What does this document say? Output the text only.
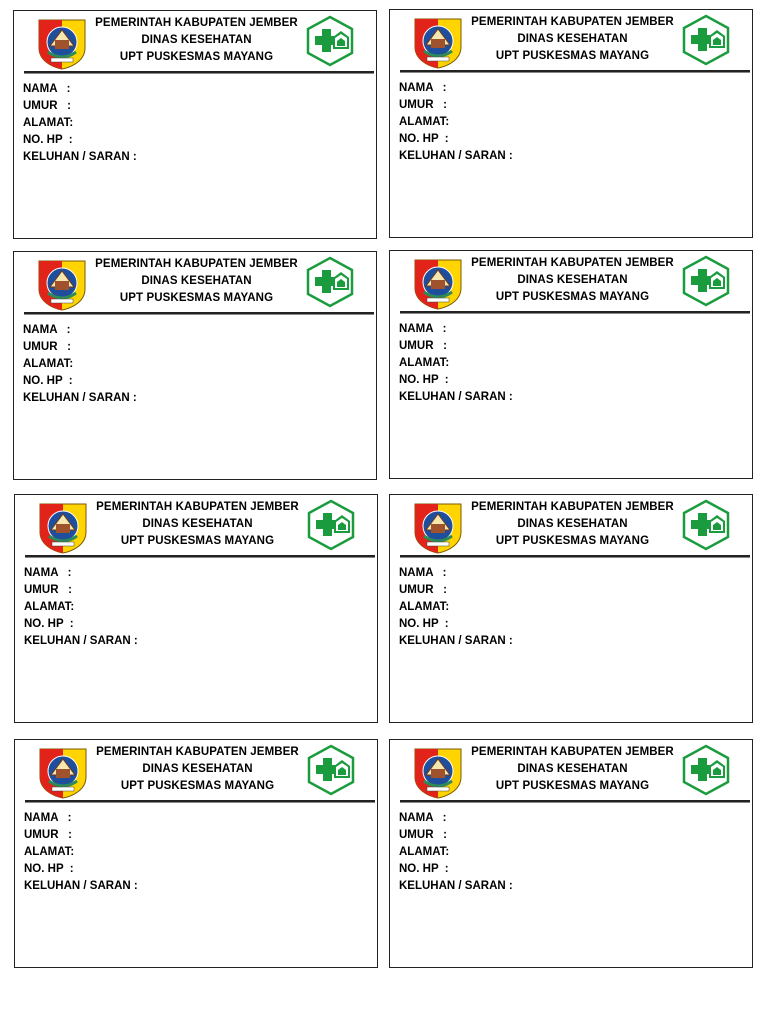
PEMERINTAH KABUPATEN JEMBER
DINAS KESEHATAN
UPT PUSKESMAS MAYANG
NAMA   :
UMUR   :
ALAMAT:
NO. HP  :
KELUHAN / SARAN :
PEMERINTAH KABUPATEN JEMBER
DINAS KESEHATAN
UPT PUSKESMAS MAYANG
NAMA   :
UMUR   :
ALAMAT:
NO. HP  :
KELUHAN / SARAN :
PEMERINTAH KABUPATEN JEMBER
DINAS KESEHATAN
UPT PUSKESMAS MAYANG
NAMA   :
UMUR   :
ALAMAT:
NO. HP  :
KELUHAN / SARAN :
PEMERINTAH KABUPATEN JEMBER
DINAS KESEHATAN
UPT PUSKESMAS MAYANG
NAMA   :
UMUR   :
ALAMAT:
NO. HP  :
KELUHAN / SARAN :
PEMERINTAH KABUPATEN JEMBER
DINAS KESEHATAN
UPT PUSKESMAS MAYANG
NAMA   :
UMUR   :
ALAMAT:
NO. HP  :
KELUHAN / SARAN :
PEMERINTAH KABUPATEN JEMBER
DINAS KESEHATAN
UPT PUSKESMAS MAYANG
NAMA   :
UMUR   :
ALAMAT:
NO. HP  :
KELUHAN / SARAN :
PEMERINTAH KABUPATEN JEMBER
DINAS KESEHATAN
UPT PUSKESMAS MAYANG
NAMA   :
UMUR   :
ALAMAT:
NO. HP  :
KELUHAN / SARAN :
PEMERINTAH KABUPATEN JEMBER
DINAS KESEHATAN
UPT PUSKESMAS MAYANG
NAMA   :
UMUR   :
ALAMAT:
NO. HP  :
KELUHAN / SARAN :
